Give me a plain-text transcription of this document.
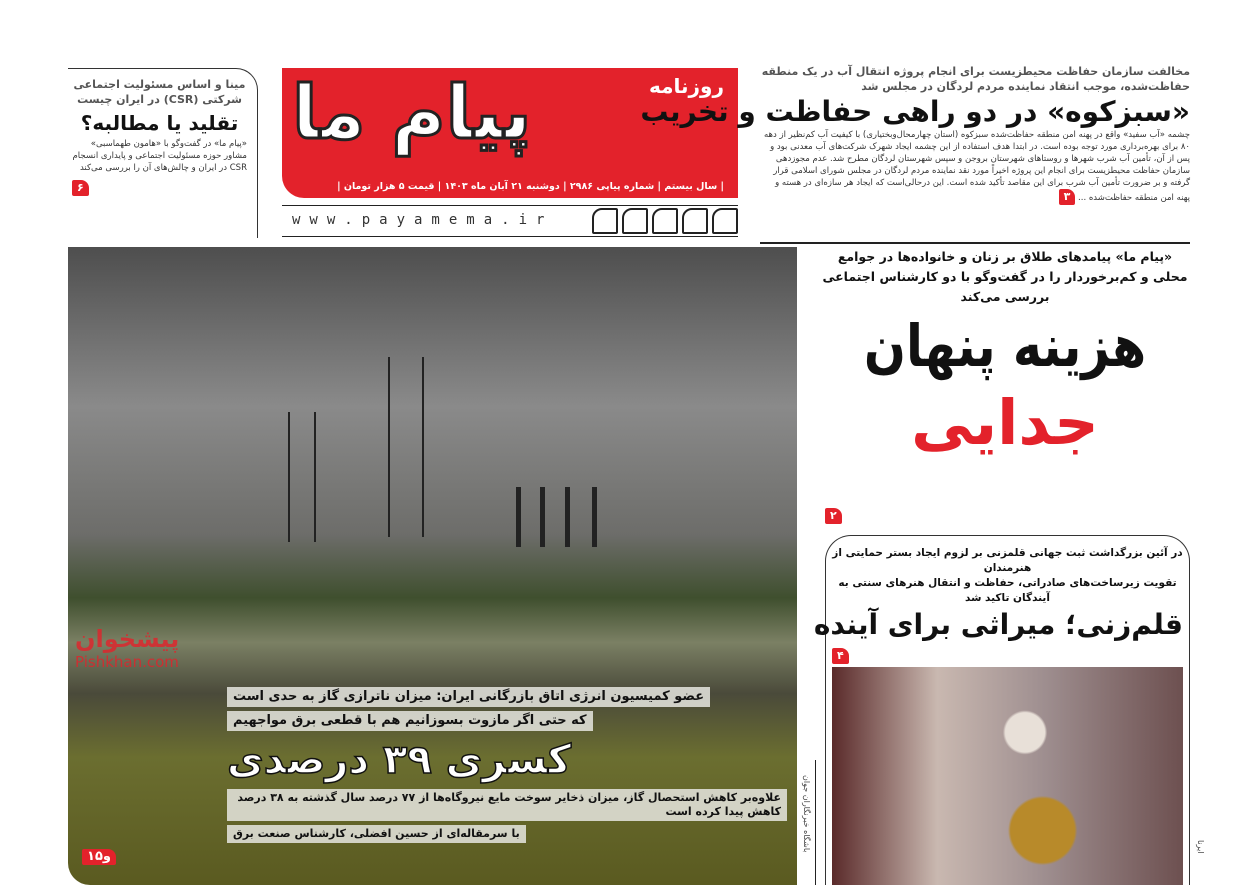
مینا و اساس مسئولیت اجتماعی شرکتی (CSR) در ایران چیست
تقلید یا مطالبه؟
«پیام ما» در گفت‌وگو با «هامون طهماسبی» مشاور حوزه مسئولیت اجتماعی و پایداری انسجام CSR در ایران و چالش‌های آن را بررسی می‌کند
۶
روزنامه
پیام ما
| سال بیستم | شماره پیاپی ۲۹۸۶ | دوشنبه ۲۱ آبان ماه ۱۴۰۳ | قیمت ۵ هزار تومان |
www.payamema.ir
مخالفت سازمان حفاظت محیطزیست برای انجام پروژه انتقال آب در یک منطقه حفاظت‌شده، موجب انتقاد نماینده مردم لردگان در مجلس شد
«سبزکوه» در دو راهی حفاظت و تخریب
چشمه «آب سفید» واقع در پهنه امن منطقه حفاظت‌شده سبزکوه (استان چهارمحال‌وبختیاری) با کیفیت آب کم‌نظیر از دهه ۸۰ برای بهره‌برداری مورد توجه بوده است. در ابتدا هدف استفاده از این چشمه ایجاد شهرک شرکت‌های آب معدنی بود و پس از آن، تأمین آب شرب شهرها و روستاهای شهرستان بروجن و سپس شهرستان لردگان مطرح شد. عدم مجوزدهی سازمان حفاظت محیطزیست برای انجام این پروژه اخیراً مورد نقد نماینده مردم لردگان در مجلس شورای اسلامی قرار گرفته و بر ضرورت تأمین آب شرب برای این مقاصد تأکید شده است. این درحالی‌است که ایجاد هر سازه‌ای در هسته و پهنه امن منطقه حفاظت‌شده ... ۳
عضو کمیسیون انرژی اتاق بازرگانی ایران: میزان ناترازی گاز به حدی است
که حتی اگر مازوت بسوزانیم هم با قطعی برق مواجهیم
کسری ۳۹ درصدی
علاوه‌بر کاهش استحصال گاز، میزان ذخایر سوخت مایع نیروگاه‌ها از ۷۷ درصد سال گذشته به ۳۸ درصد کاهش پیدا کرده است
با سرمقاله‌ای از حسین افضلی، کارشناس صنعت برق
۱و۵
باشگاه خبرنگاران جوان
پیشخوان
Pishkhan.com
«پیام ما» پیامدهای طلاق بر زنان و خانواده‌ها در جوامع محلی و کم‌برخوردار را در گفت‌وگو با دو کارشناس اجتماعی بررسی می‌کند
هزینه پنهان
جدایی
۲
در آئین بزرگداشت ثبت جهانی قلمزنی بر لزوم ایجاد بستر حمایتی از هنرمندان
تقویت زیرساخت‌های صادراتی، حفاظت و انتقال هنرهای سنتی به آیندگان تاکید شد
قلم‌زنی؛ میراثی برای آینده
۴
ایرنا
